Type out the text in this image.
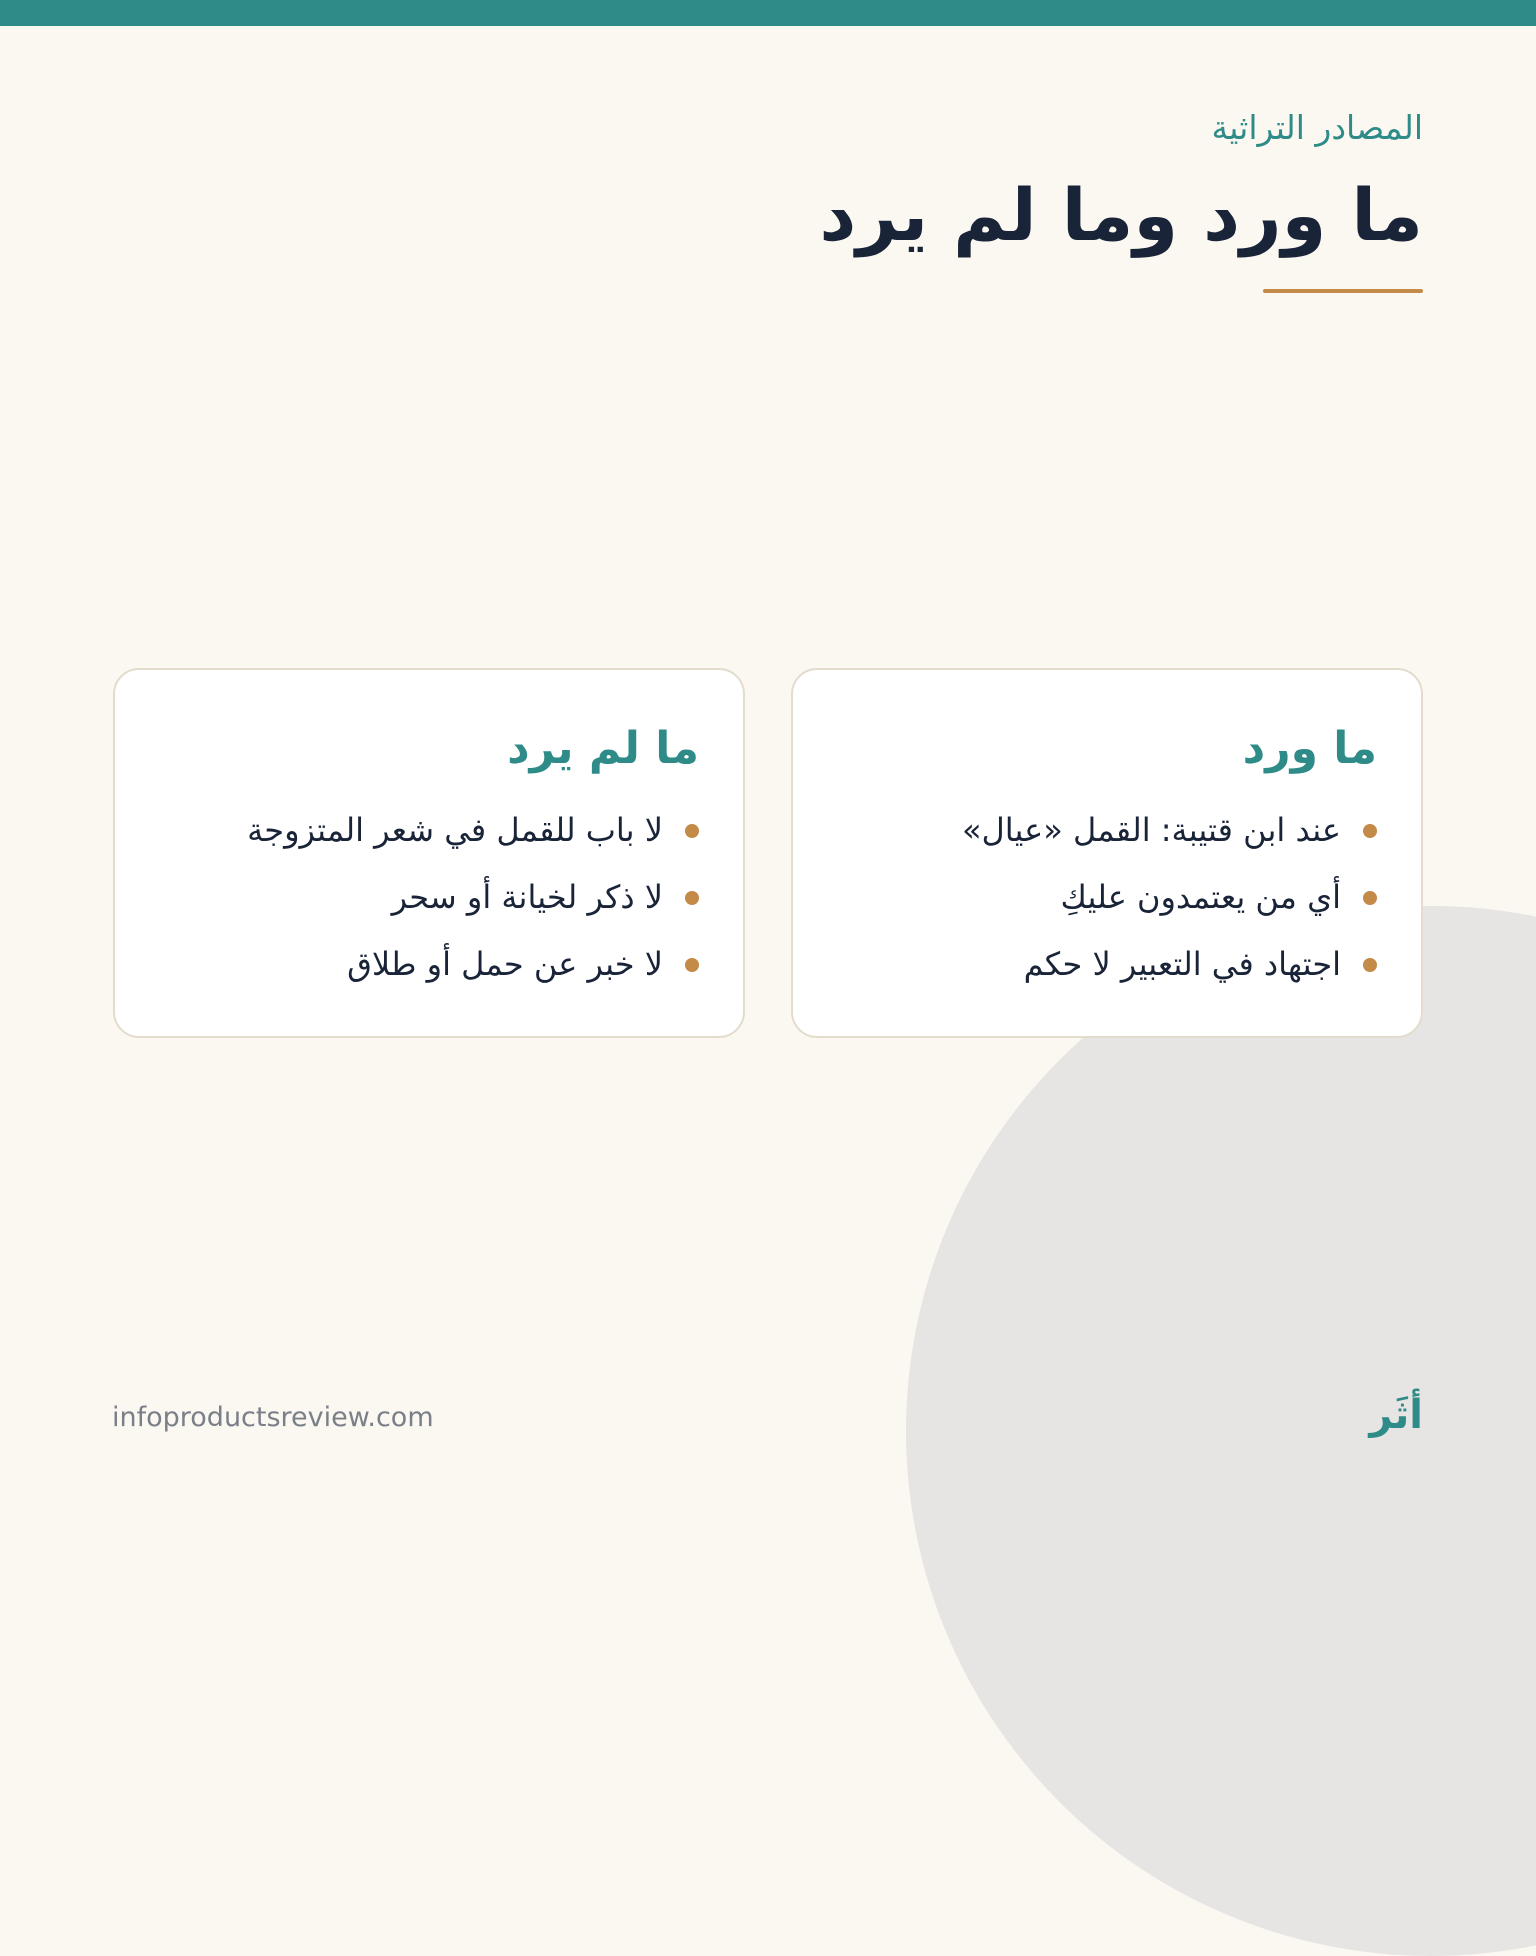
المصادر التراثية
ما ورد وما لم يرد
ما ورد
عند ابن قتيبة: القمل «عيال»
أي من يعتمدون عليكِ
اجتهاد في التعبير لا حكم
ما لم يرد
لا باب للقمل في شعر المتزوجة
لا ذكر لخيانة أو سحر
لا خبر عن حمل أو طلاق
infoproductsreview.com	أثَر
